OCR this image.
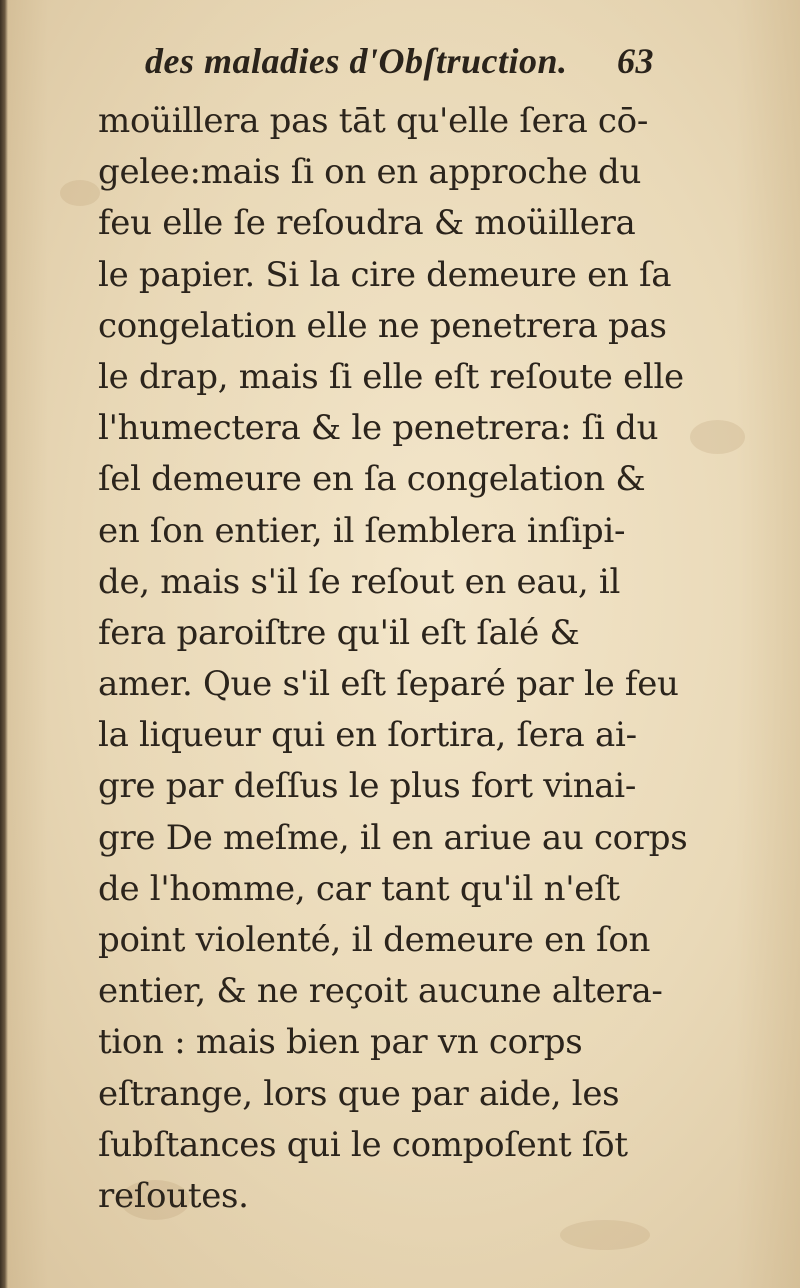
des maladies d'Obſtruction. 63
moüillera pas tāt qu'elle ſera cō-
gelee:mais ſi on en approche du
feu elle ſe reſoudra & moüillera
le papier. Si la cire demeure en ſa
congelation elle ne penetrera pas
le drap, mais ſi elle eſt reſoute elle
l'humectera & le penetrera: ſi du
ſel demeure en ſa congelation &
en ſon entier, il ſemblera inſipi-
de, mais s'il ſe reſout en eau, il
fera paroiſtre qu'il eſt ſalé &
amer. Que s'il eſt ſeparé par le feu
la liqueur qui en ſortira, ſera ai-
gre par deſſus le plus fort vinai-
gre De meſme, il en ariue au corps
de l'homme, car tant qu'il n'eſt
point violenté, il demeure en ſon
entier, & ne reçoit aucune altera-
tion : mais bien par vn corps
eſtrange, lors que par aide, les
ſubſtances qui le compoſent ſōt
reſoutes.
